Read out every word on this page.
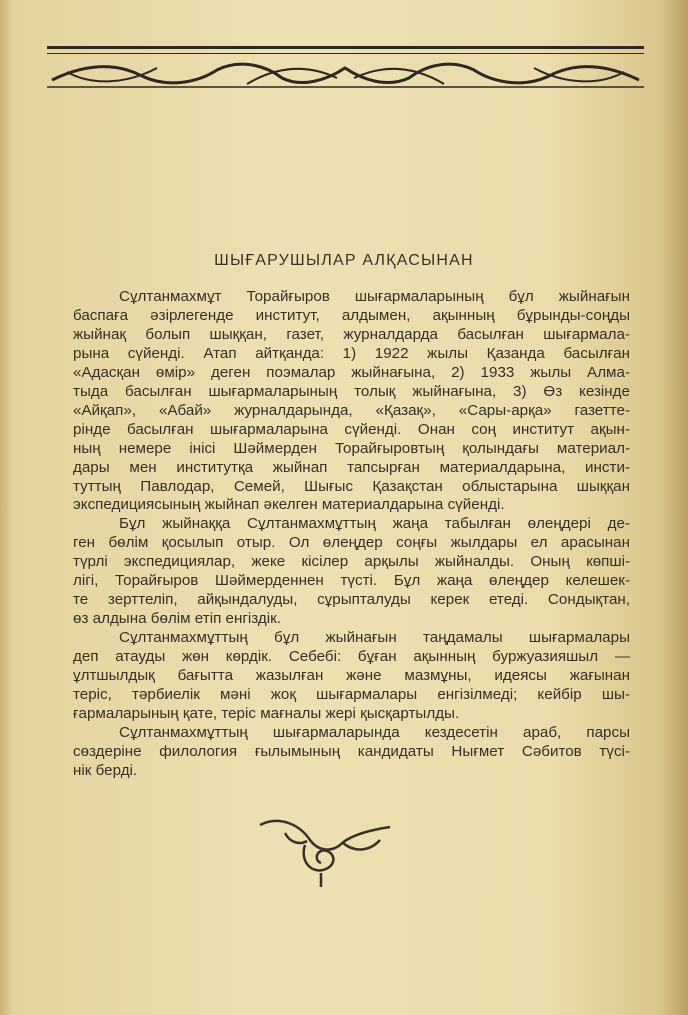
ШЫҒАРУШЫЛАР АЛҚАСЫНАН
Сұлтанмахмұт Торайғыров шығармаларының бұл жыйнағын
баспаға әзірлегенде институт, алдымен, ақынның бұрынды-соңды
жыйнақ болып шыққан, газет, журналдарда басылған шығармала-
рына сүйенді. Атап айтқанда: 1) 1922 жылы Қазанда басылған
«Адасқан өмір» деген поэмалар жыйнағына, 2) 1933 жылы Алма-
тыда басылған шығармаларының толық жыйнағына, 3) Өз кезінде
«Айқап», «Абай» журналдарында, «Қазақ», «Сары-арқа» газетте-
рінде басылған шығармаларына сүйенді. Онан соң институт ақын-
ның немере інісі Шәймерден Торайғыровтың қолындағы материал-
дары мен институтқа жыйнап тапсырған материалдарына, инсти-
туттың Павлодар, Семей, Шығыс Қазақстан облыстарына шыққан
экспедициясының жыйнап әкелген материалдарына сүйенді.
Бұл жыйнаққа Сұлтанмахмұттың жаңа табылған өлеңдері де-
ген бөлім қосылып отыр. Ол өлеңдер соңғы жылдары ел арасынан
түрлі экспедициялар, жеке кісілер арқылы жыйналды. Оның көпші-
лігі, Торайғыров Шәймерденнен түсті. Бұл жаңа өлеңдер келешек-
те зерттеліп, айқындалуды, сұрыпталуды керек етеді. Сондықтан,
өз алдына бөлім етіп енгіздік.
Сұлтанмахмұттың бұл жыйнағын таңдамалы шығармалары
деп атауды жөн көрдік. Себебі: бұған ақынның буржуазияшыл —
ұлтшылдық бағытта жазылған және мазмұны, идеясы жағынан
теріс, тәрбиелік мәні жоқ шығармалары енгізілмеді; кейбір шы-
ғармаларының қате, теріс мағналы жері қысқартылды.
Сұлтанмахмұттың шығармаларында кездесетін араб, парсы
сөздеріне филология ғылымының кандидаты Нығмет Сәбитов түсі-
нік берді.
